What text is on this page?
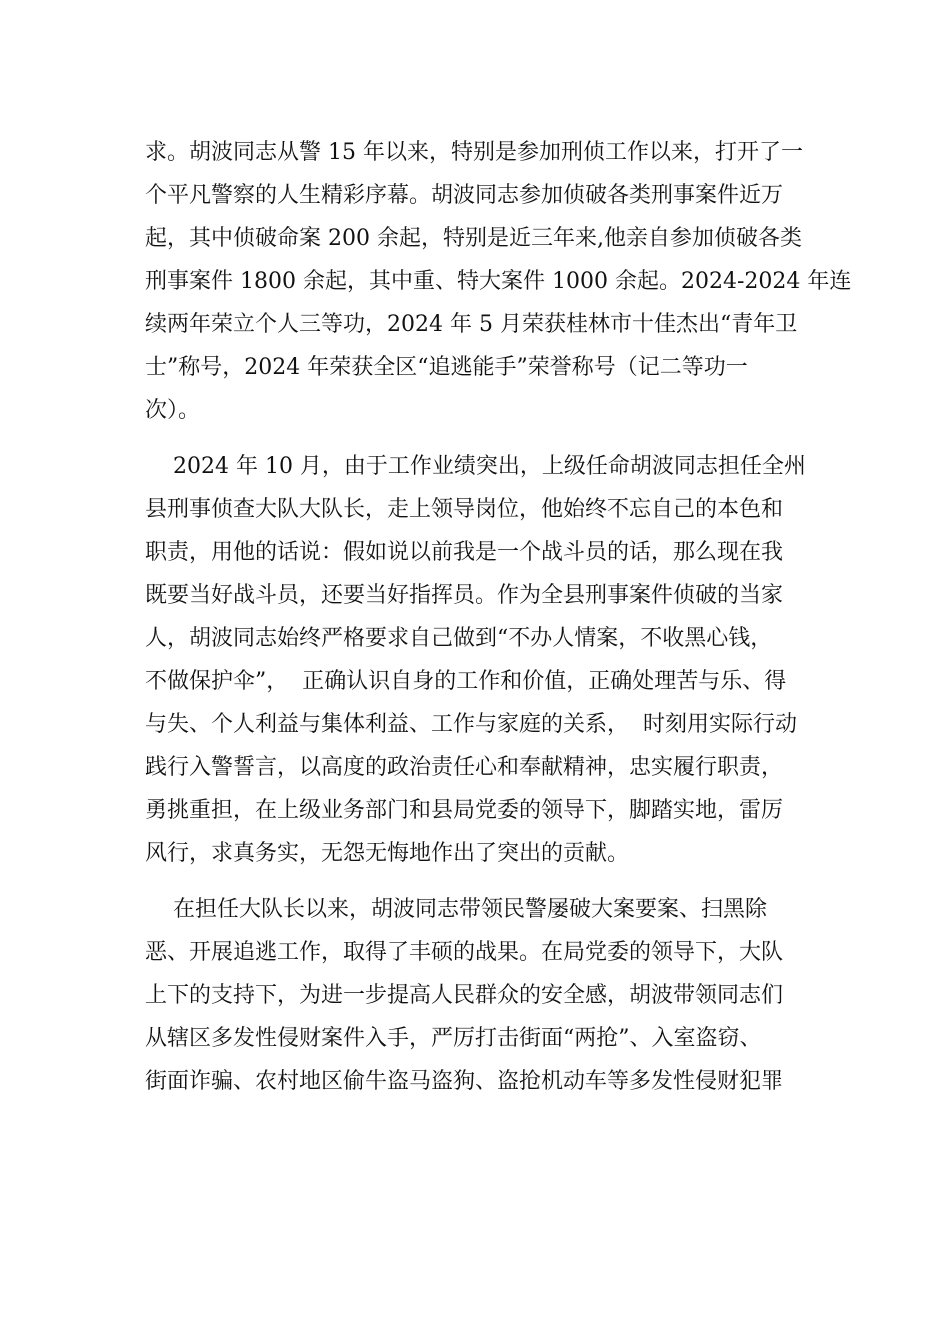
求。胡波同志从警 15 年以来，特别是参加刑侦工作以来，打开了一
个平凡警察的人生精彩序幕。胡波同志参加侦破各类刑事案件近万
起，其中侦破命案 200 余起，特别是近三年来,他亲自参加侦破各类
刑事案件 1800 余起，其中重、特大案件 1000 余起。2024-2024 年连
续两年荣立个人三等功，2024 年 5 月荣获桂林市十佳杰出“青年卫
士”称号，2024 年荣获全区“追逃能手”荣誉称号（记二等功一
次）。
2024 年 10 月，由于工作业绩突出，上级任命胡波同志担任全州
县刑事侦查大队大队长，走上领导岗位，他始终不忘自己的本色和
职责，用他的话说：假如说以前我是一个战斗员的话，那么现在我
既要当好战斗员，还要当好指挥员。作为全县刑事案件侦破的当家
人，胡波同志始终严格要求自己做到“不办人情案，不收黑心钱，
不做保护伞”，  正确认识自身的工作和价值，正确处理苦与乐、得
与失、个人利益与集体利益、工作与家庭的关系，  时刻用实际行动
践行入警誓言，以高度的政治责任心和奉献精神，忠实履行职责，
勇挑重担，在上级业务部门和县局党委的领导下，脚踏实地，雷厉
风行，求真务实，无怨无悔地作出了突出的贡献。
在担任大队长以来，胡波同志带领民警屡破大案要案、扫黑除
恶、开展追逃工作，取得了丰硕的战果。在局党委的领导下，大队
上下的支持下，为进一步提高人民群众的安全感，胡波带领同志们
从辖区多发性侵财案件入手，严厉打击街面“两抢”、入室盗窃、
街面诈骗、农村地区偷牛盗马盗狗、盗抢机动车等多发性侵财犯罪
